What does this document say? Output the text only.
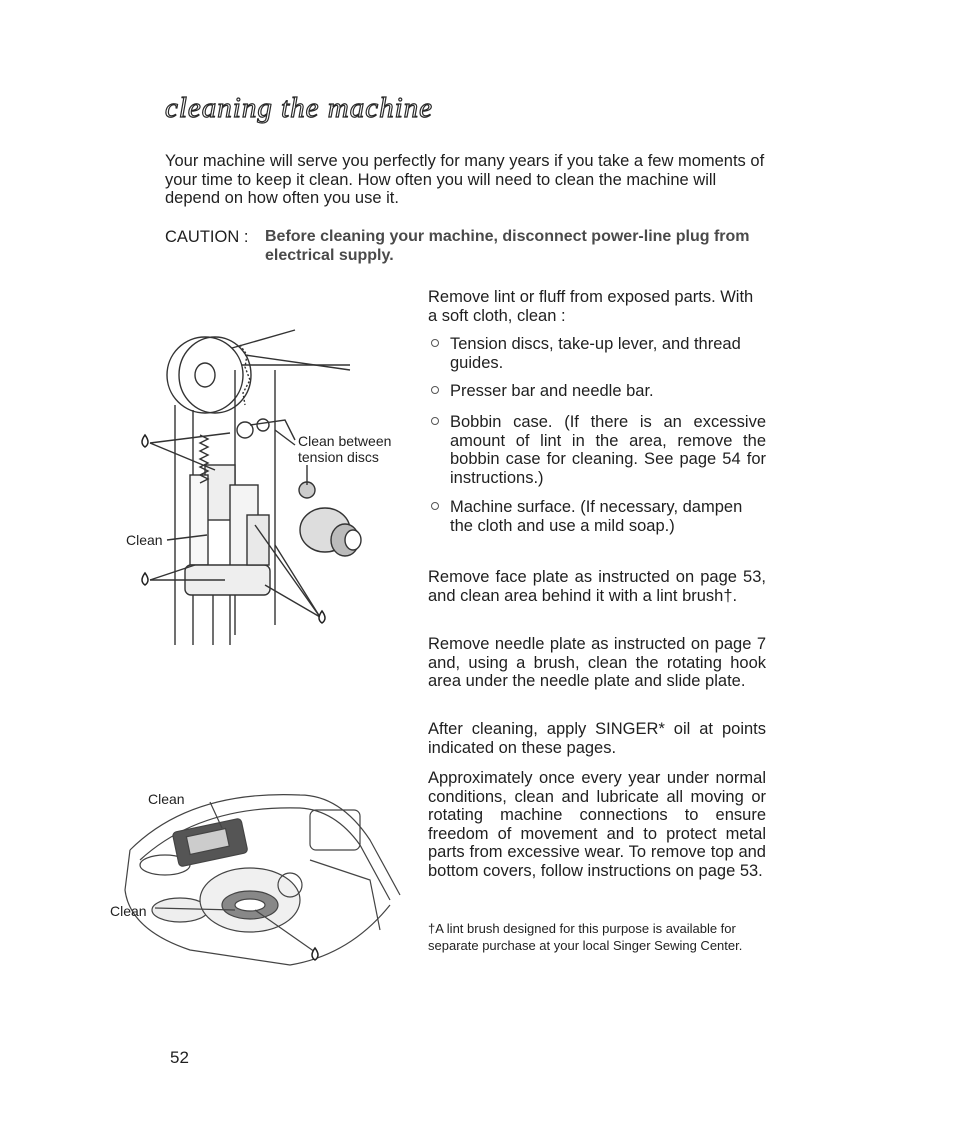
cleaning the machine

Your machine will serve you perfectly for many years if you take a few moments of your time to keep it clean. How often you will need to clean the machine will depend on how often you use it.

CAUTION : Before cleaning your machine, disconnect power-line plug from electrical supply.

Remove lint or fluff from exposed parts. With a soft cloth, clean :

Tension discs, take-up lever, and thread guides.

Presser bar and needle bar.

Bobbin case. (If there is an excessive amount of lint in the area, remove the bobbin case for cleaning. See page 54 for instructions.)

Machine surface. (If necessary, dampen the cloth and use a mild soap.)

Remove face plate as instructed on page 53, and clean area behind it with a lint brush†.

Remove needle plate as instructed on page 7 and, using a brush, clean the rotating hook area under the needle plate and slide plate.

After cleaning, apply SINGER* oil at points indicated on these pages.

Approximately once every year under normal conditions, clean and lubricate all moving or rotating machine connections to ensure freedom of movement and to protect metal parts from excessive wear. To remove top and bottom covers, follow instructions on page 53.

†A lint brush designed for this purpose is available for separate purchase at your local Singer Sewing Center.

Clean between tension discs
Clean
Clean
Clean
52
